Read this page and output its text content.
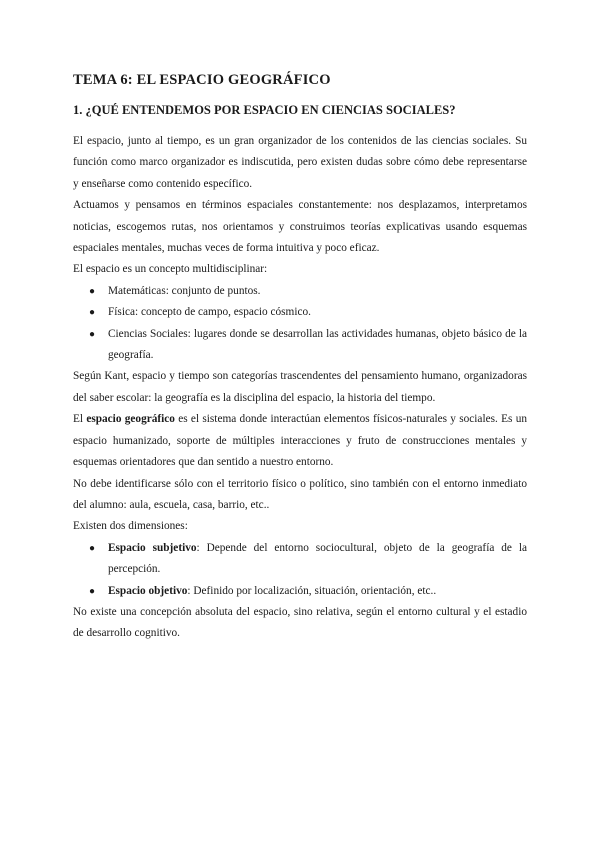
TEMA 6: EL ESPACIO GEOGRÁFICO
1. ¿QUÉ ENTENDEMOS POR ESPACIO EN CIENCIAS SOCIALES?

El espacio, junto al tiempo, es un gran organizador de los contenidos de las ciencias sociales. Su función como marco organizador es indiscutida, pero existen dudas sobre cómo debe representarse y enseñarse como contenido específico.

Actuamos y pensamos en términos espaciales constantemente: nos desplazamos, interpretamos noticias, escogemos rutas, nos orientamos y construimos teorías explicativas usando esquemas espaciales mentales, muchas veces de forma intuitiva y poco eficaz.

El espacio es un concepto multidisciplinar:

● Matemáticas: conjunto de puntos.
● Física: concepto de campo, espacio cósmico.
● Ciencias Sociales: lugares donde se desarrollan las actividades humanas, objeto básico de la geografía.

Según Kant, espacio y tiempo son categorías trascendentes del pensamiento humano, organizadoras del saber escolar: la geografía es la disciplina del espacio, la historia del tiempo.

El espacio geográfico es el sistema donde interactúan elementos físicos-naturales y sociales. Es un espacio humanizado, soporte de múltiples interacciones y fruto de construcciones mentales y esquemas orientadores que dan sentido a nuestro entorno.

No debe identificarse sólo con el territorio físico o político, sino también con el entorno inmediato del alumno: aula, escuela, casa, barrio, etc..

Existen dos dimensiones:

● Espacio subjetivo: Depende del entorno sociocultural, objeto de la geografía de la percepción.
● Espacio objetivo: Definido por localización, situación, orientación, etc..

No existe una concepción absoluta del espacio, sino relativa, según el entorno cultural y el estadio de desarrollo cognitivo.
